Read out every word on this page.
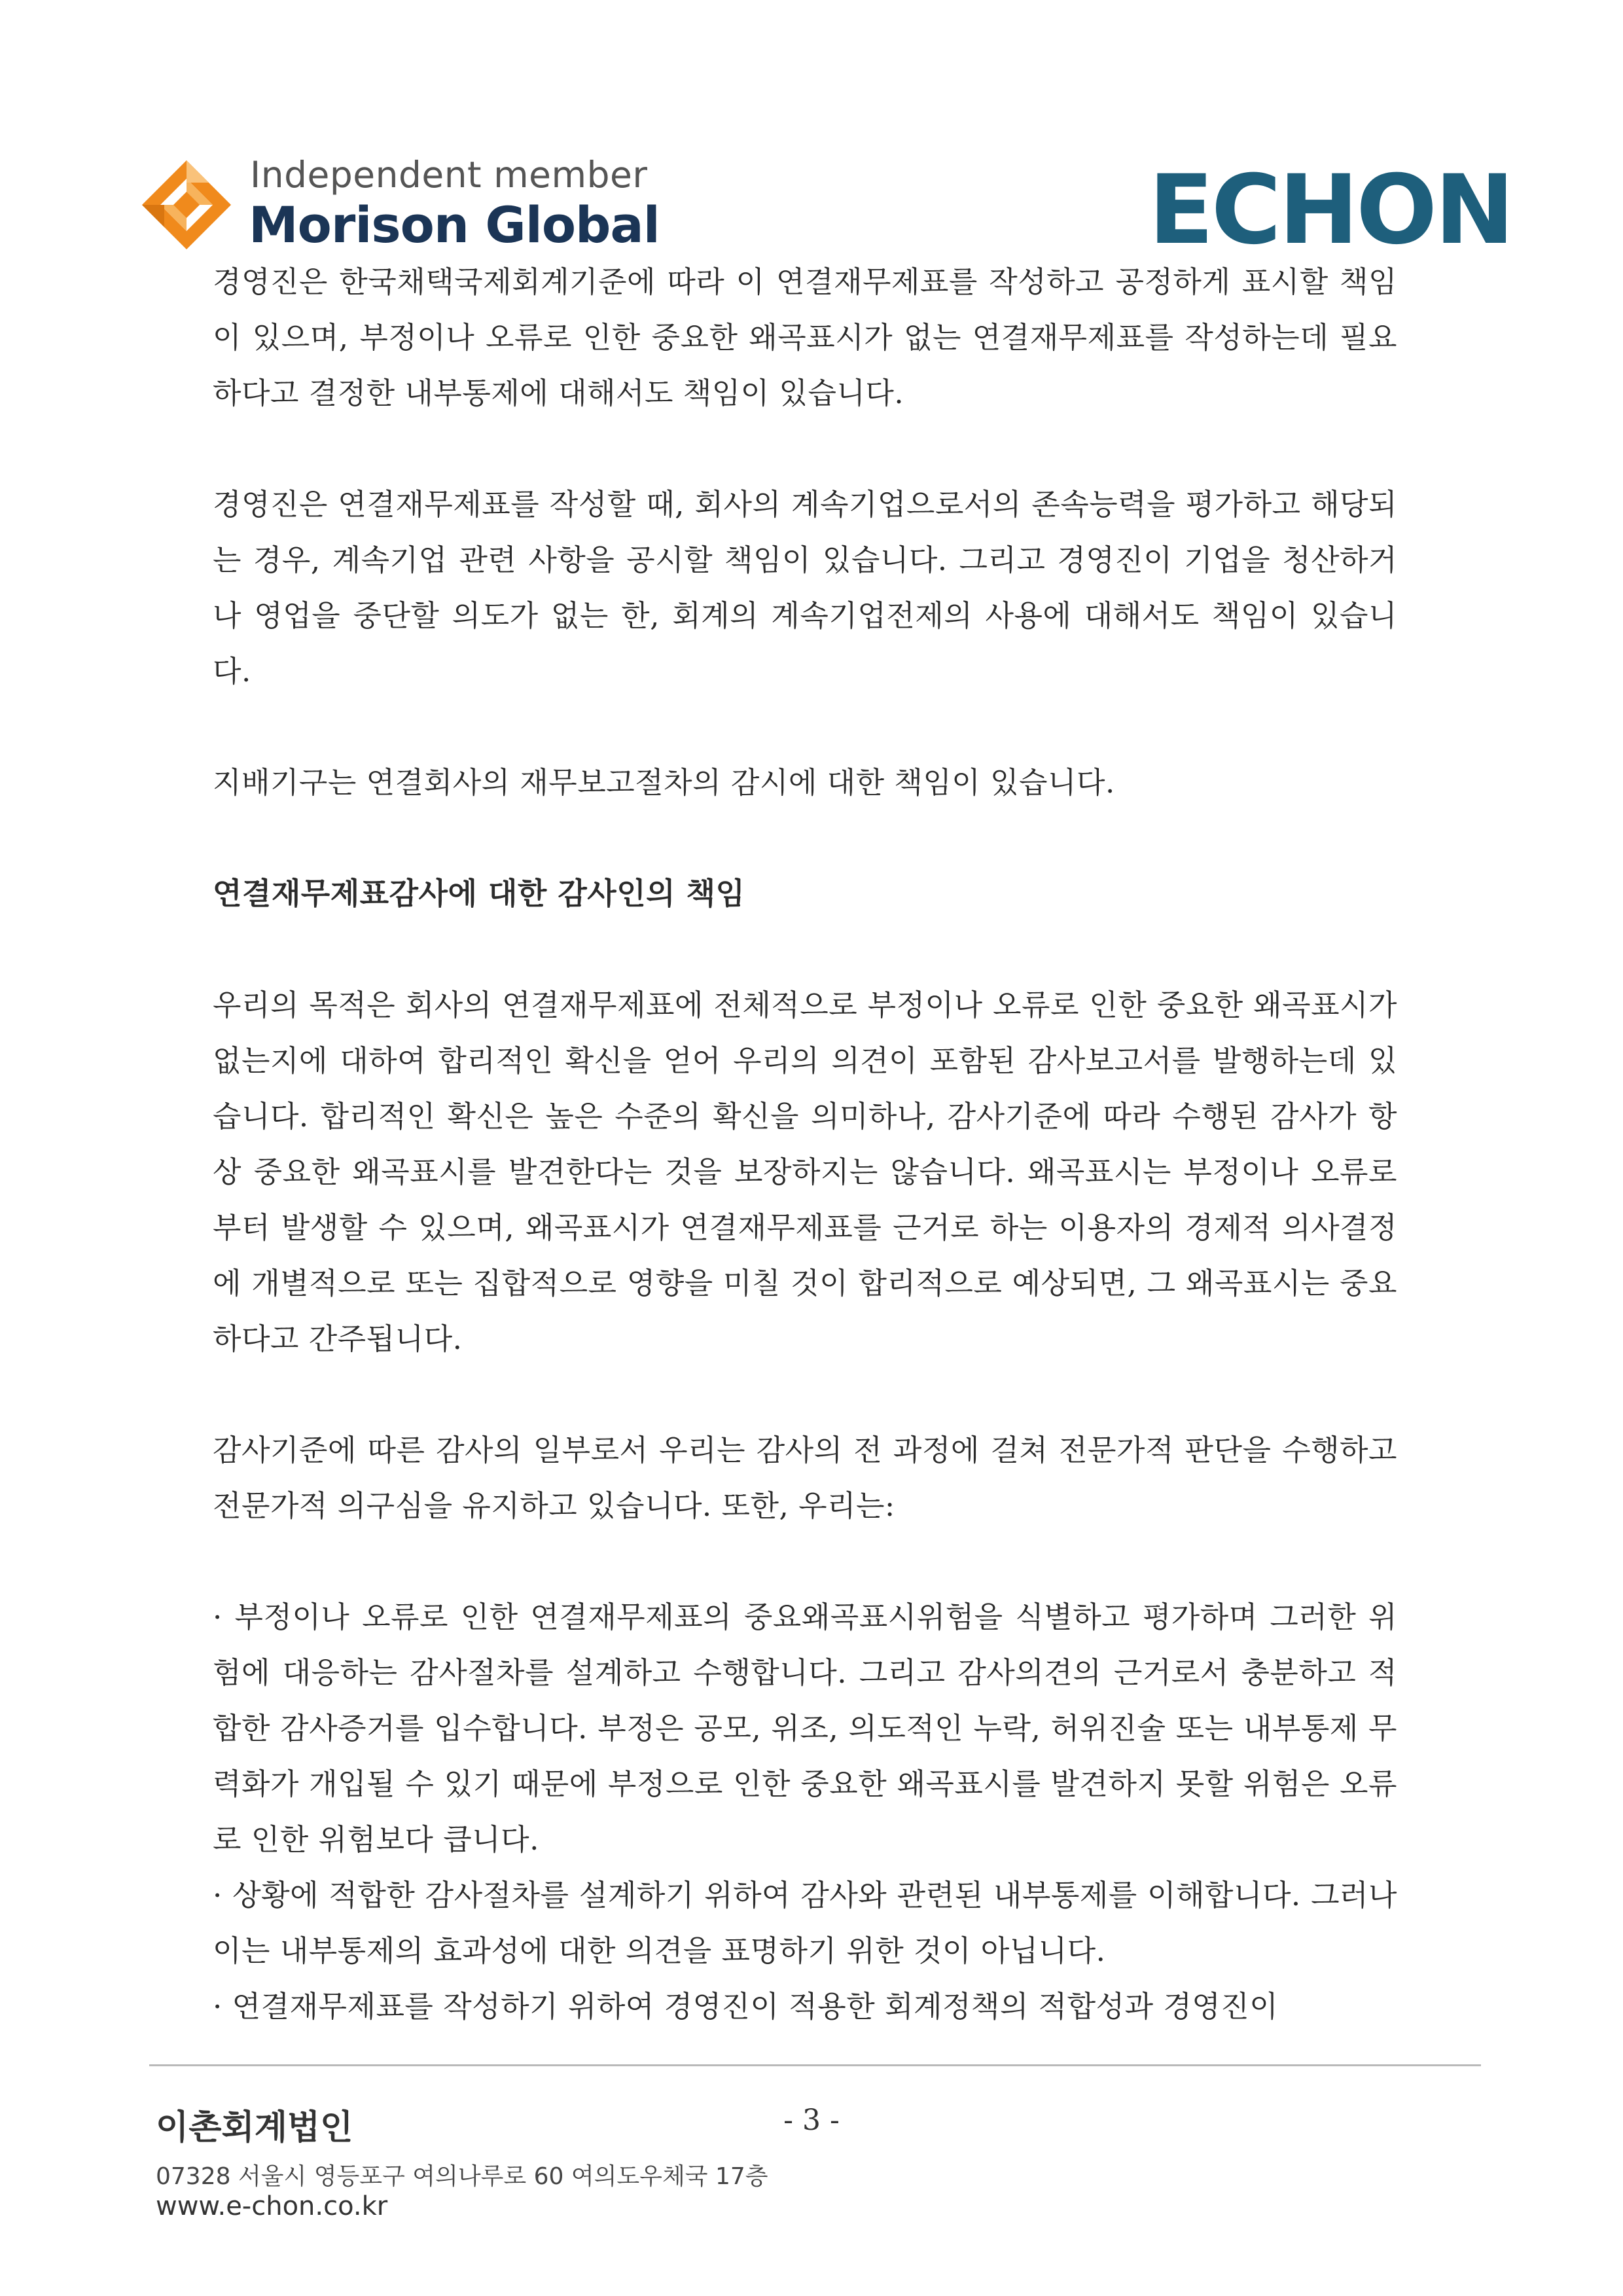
Independent member
Morison Global	ECHON

경영진은 한국채택국제회계기준에 따라 이 연결재무제표를 작성하고 공정하게 표시할 책임이 있으며, 부정이나 오류로 인한 중요한 왜곡표시가 없는 연결재무제표를 작성하는데 필요하다고 결정한 내부통제에 대해서도 책임이 있습니다.

경영진은 연결재무제표를 작성할 때, 회사의 계속기업으로서의 존속능력을 평가하고 해당되는 경우, 계속기업 관련 사항을 공시할 책임이 있습니다. 그리고 경영진이 기업을 청산하거나 영업을 중단할 의도가 없는 한, 회계의 계속기업전제의 사용에 대해서도 책임이 있습니다.

지배기구는 연결회사의 재무보고절차의 감시에 대한 책임이 있습니다.

연결재무제표감사에 대한 감사인의 책임

우리의 목적은 회사의 연결재무제표에 전체적으로 부정이나 오류로 인한 중요한 왜곡표시가 없는지에 대하여 합리적인 확신을 얻어 우리의 의견이 포함된 감사보고서를 발행하는데 있습니다. 합리적인 확신은 높은 수준의 확신을 의미하나, 감사기준에 따라 수행된 감사가 항상 중요한 왜곡표시를 발견한다는 것을 보장하지는 않습니다. 왜곡표시는 부정이나 오류로부터 발생할 수 있으며, 왜곡표시가 연결재무제표를 근거로 하는 이용자의 경제적 의사결정에 개별적으로 또는 집합적으로 영향을 미칠 것이 합리적으로 예상되면, 그 왜곡표시는 중요하다고 간주됩니다.

감사기준에 따른 감사의 일부로서 우리는 감사의 전 과정에 걸쳐 전문가적 판단을 수행하고 전문가적 의구심을 유지하고 있습니다. 또한, 우리는:

· 부정이나 오류로 인한 연결재무제표의 중요왜곡표시위험을 식별하고 평가하며 그러한 위험에 대응하는 감사절차를 설계하고 수행합니다. 그리고 감사의견의 근거로서 충분하고 적합한 감사증거를 입수합니다. 부정은 공모, 위조, 의도적인 누락, 허위진술 또는 내부통제 무력화가 개입될 수 있기 때문에 부정으로 인한 중요한 왜곡표시를 발견하지 못할 위험은 오류로 인한 위험보다 큽니다.

· 상황에 적합한 감사절차를 설계하기 위하여 감사와 관련된 내부통제를 이해합니다. 그러나 이는 내부통제의 효과성에 대한 의견을 표명하기 위한 것이 아닙니다.

· 연결재무제표를 작성하기 위하여 경영진이 적용한 회계정책의 적합성과 경영진이

이촌회계법인	- 3 -
07328 서울시 영등포구 여의나루로 60 여의도우체국 17층
www.e-chon.co.kr
